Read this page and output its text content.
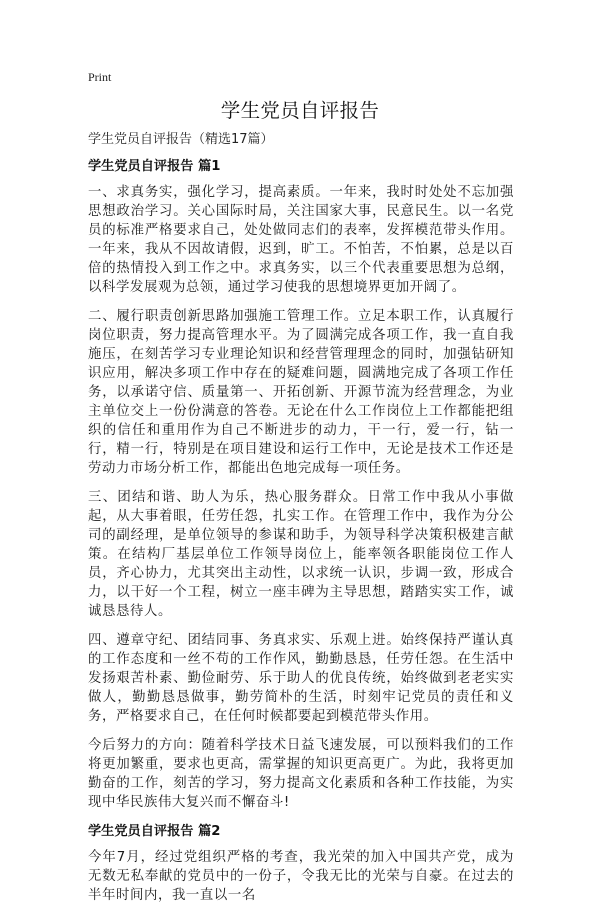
Print
学生党员自评报告
学生党员自评报告（精选17篇）
学生党员自评报告 篇1

一、求真务实，强化学习，提高素质。一年来，我时时处处不忘加强思想政治学习。关心国际时局，关注国家大事，民意民生。以一名党员的标准严格要求自己，处处做同志们的表率，发挥模范带头作用。一年来，我从不因故请假，迟到，旷工。不怕苦，不怕累，总是以百倍的热情投入到工作之中。求真务实，以三个代表重要思想为总纲，以科学发展观为总领，通过学习使我的思想境界更加开阔了。

二、履行职责创新思路加强施工管理工作。立足本职工作，认真履行岗位职责，努力提高管理水平。为了圆满完成各项工作，我一直自我施压，在刻苦学习专业理论知识和经营管理理念的同时，加强钻研知识应用，解决多项工作中存在的疑难问题，圆满地完成了各项工作任务，以承诺守信、质量第一、开拓创新、开源节流为经营理念，为业主单位交上一份份满意的答卷。无论在什么工作岗位上工作都能把组织的信任和重用作为自己不断进步的动力，干一行，爱一行，钻一行，精一行，特别是在项目建设和运行工作中，无论是技术工作还是劳动力市场分析工作，都能出色地完成每一项任务。

三、团结和谐、助人为乐，热心服务群众。日常工作中我从小事做起，从大事着眼，任劳任怨，扎实工作。在管理工作中，我作为分公司的副经理，是单位领导的参谋和助手，为领导科学决策积极建言献策。在结构厂基层单位工作领导岗位上，能率领各职能岗位工作人员，齐心协力，尤其突出主动性，以求统一认识，步调一致，形成合力，以干好一个工程，树立一座丰碑为主导思想，踏踏实实工作，诚诚恳恳待人。

四、遵章守纪、团结同事、务真求实、乐观上进。始终保持严谨认真的工作态度和一丝不苟的工作作风，勤勤恳恳，任劳任怨。在生活中发扬艰苦朴素、勤俭耐劳、乐于助人的优良传统，始终做到老老实实做人，勤勤恳恳做事，勤劳简朴的生活，时刻牢记党员的责任和义务，严格要求自己，在任何时候都要起到模范带头作用。

今后努力的方向：随着科学技术日益飞速发展，可以预料我们的工作将更加繁重，要求也更高，需掌握的知识更高更广。为此，我将更加勤奋的工作，刻苦的学习，努力提高文化素质和各种工作技能，为实现中华民族伟大复兴而不懈奋斗!

学生党员自评报告 篇2

今年7月，经过党组织严格的考查，我光荣的加入中国共产党，成为无数无私奉献的党员中的一份子，令我无比的光荣与自豪。在过去的半年时间内，我一直以一名
